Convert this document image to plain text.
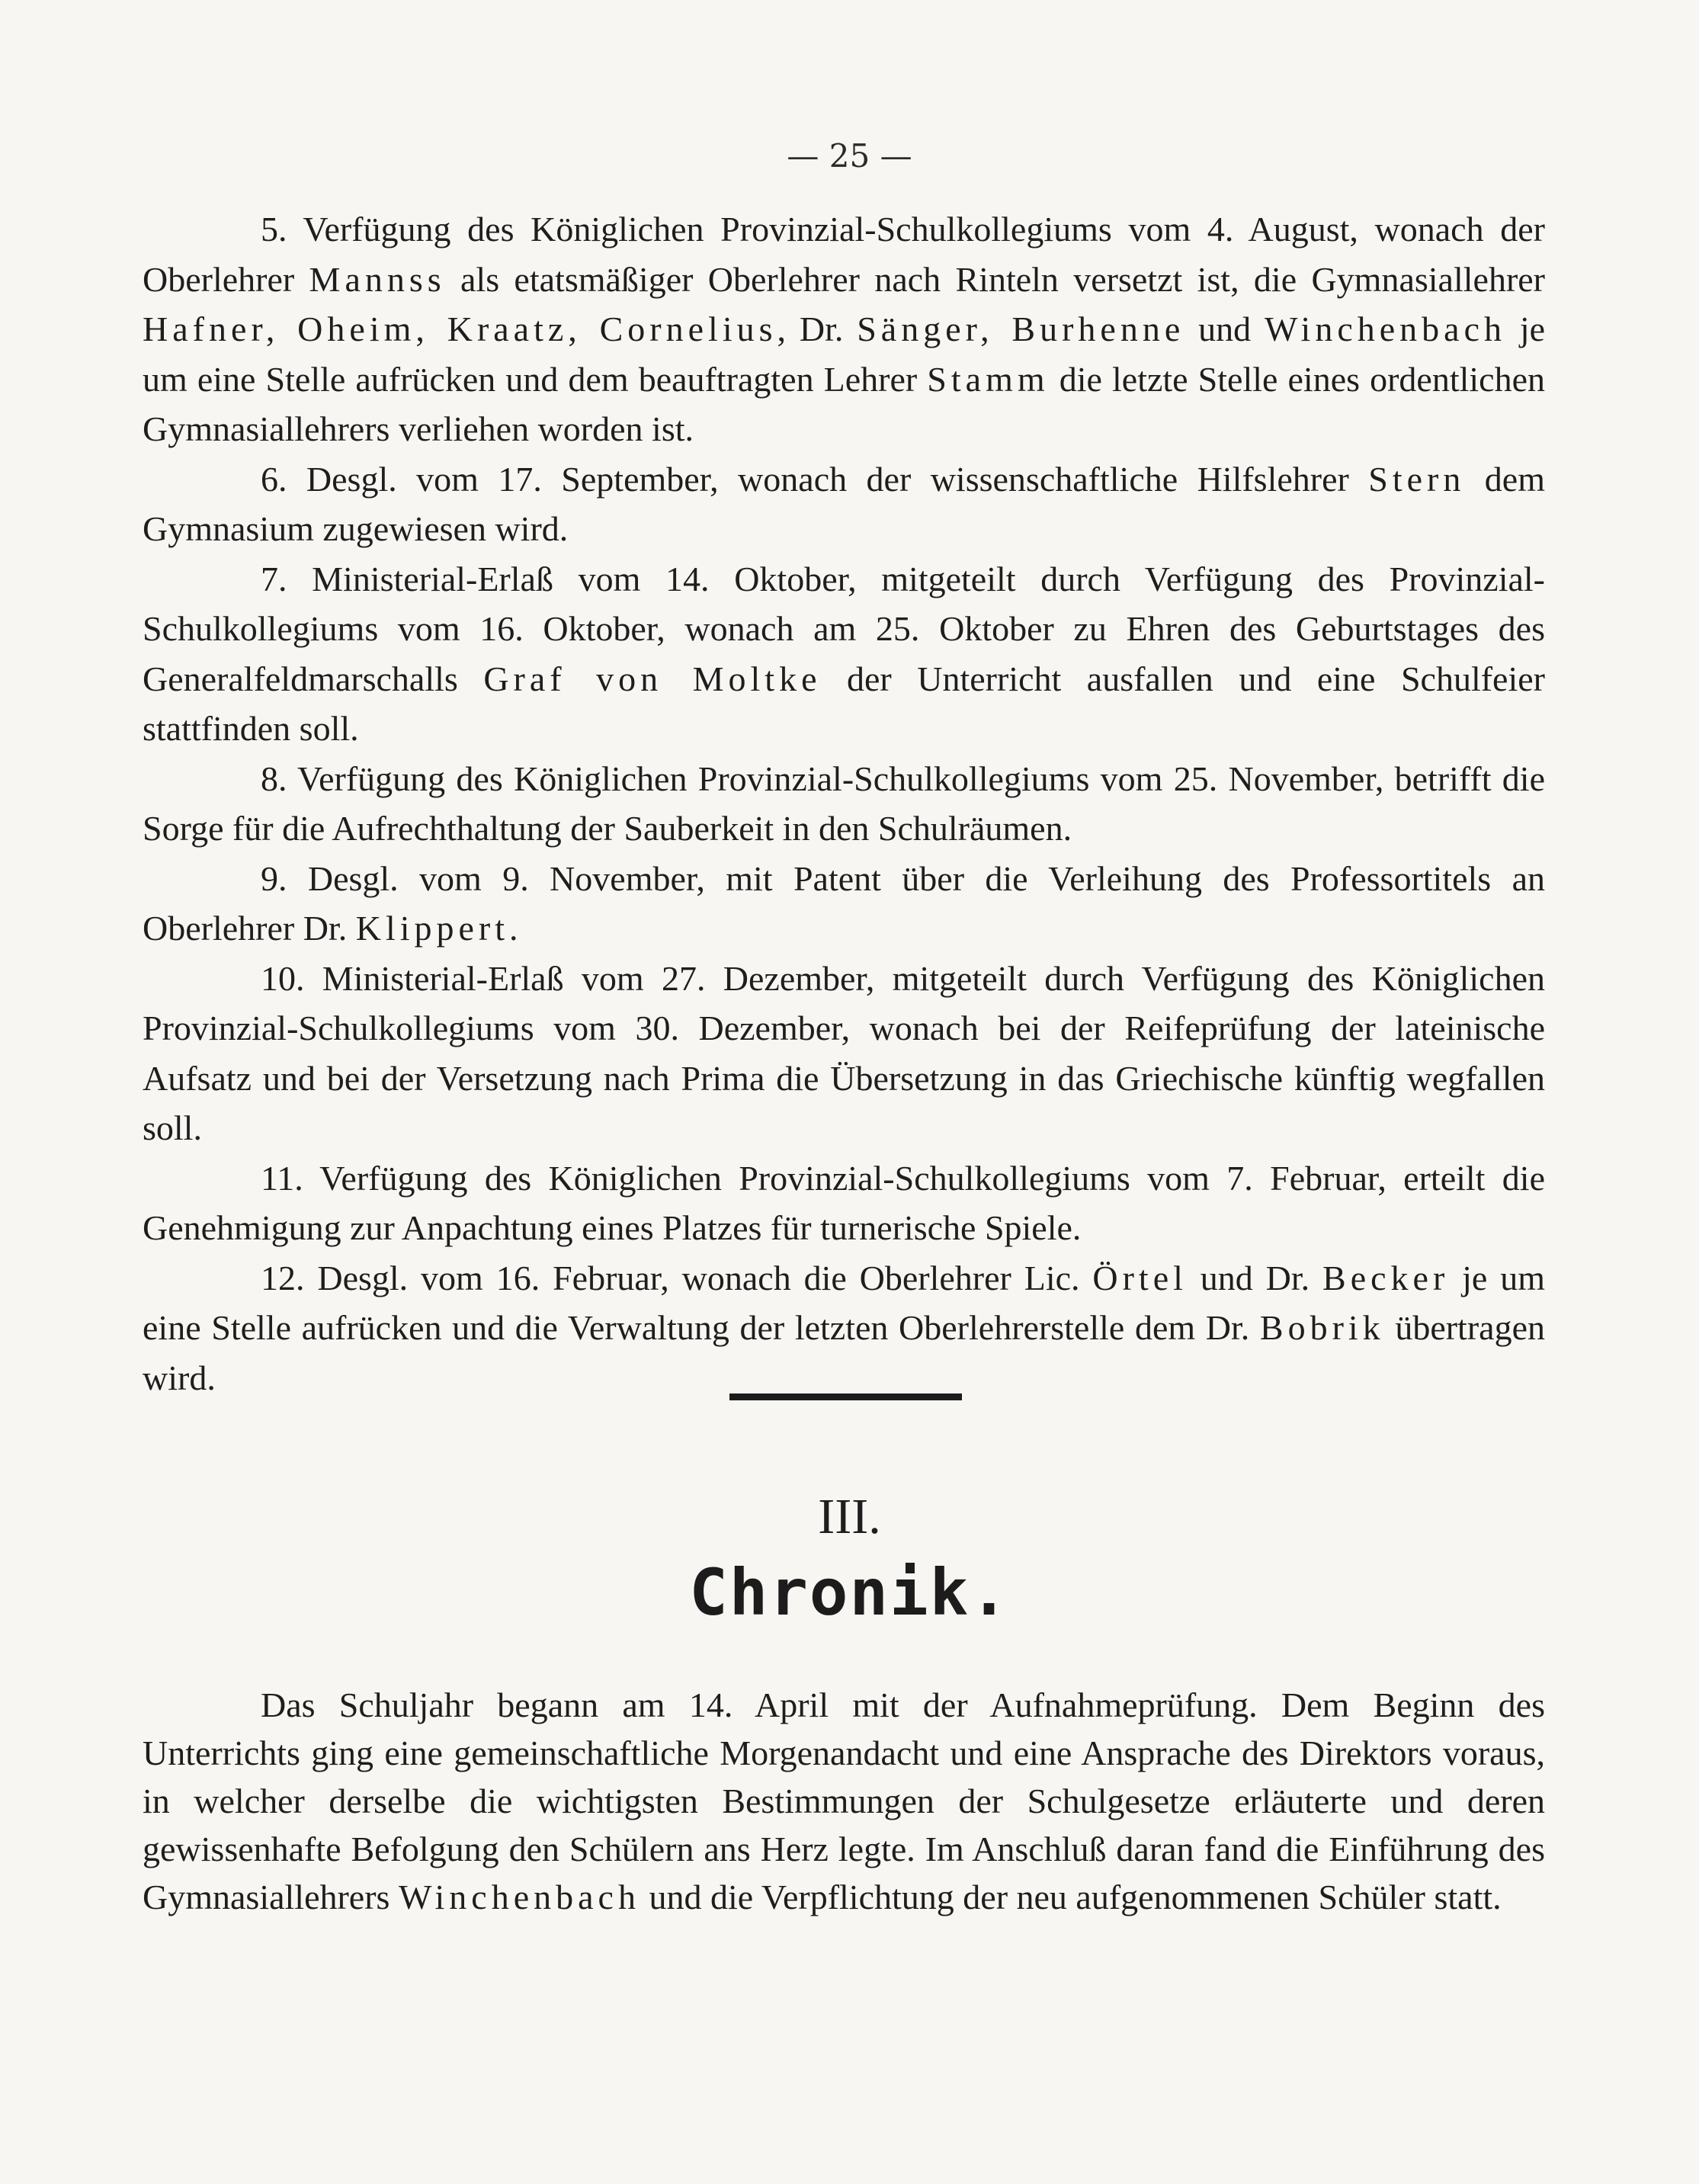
— 25 —

5. Verfügung des Königlichen Provinzial-Schulkollegiums vom 4. August, wonach der Oberlehrer Mannss als etatsmäßiger Oberlehrer nach Rinteln versetzt ist, die Gymnasiallehrer Hafner, Oheim, Kraatz, Cornelius, Dr. Sänger, Burhenne und Winchenbach je um eine Stelle aufrücken und dem beauftragten Lehrer Stamm die letzte Stelle eines ordentlichen Gymnasiallehrers verliehen worden ist.

6. Desgl. vom 17. September, wonach der wissenschaftliche Hilfslehrer Stern dem Gymnasium zugewiesen wird.

7. Ministerial-Erlaß vom 14. Oktober, mitgeteilt durch Verfügung des Provinzial-Schulkollegiums vom 16. Oktober, wonach am 25. Oktober zu Ehren des Geburtstages des Generalfeldmarschalls Graf von Moltke der Unterricht ausfallen und eine Schulfeier stattfinden soll.

8. Verfügung des Königlichen Provinzial-Schulkollegiums vom 25. November, betrifft die Sorge für die Aufrechthaltung der Sauberkeit in den Schulräumen.

9. Desgl. vom 9. November, mit Patent über die Verleihung des Professortitels an Oberlehrer Dr. Klippert.

10. Ministerial-Erlaß vom 27. Dezember, mitgeteilt durch Verfügung des Königlichen Provinzial-Schulkollegiums vom 30. Dezember, wonach bei der Reifeprüfung der lateinische Aufsatz und bei der Versetzung nach Prima die Übersetzung in das Griechische künftig wegfallen soll.

11. Verfügung des Königlichen Provinzial-Schulkollegiums vom 7. Februar, erteilt die Genehmigung zur Anpachtung eines Platzes für turnerische Spiele.

12. Desgl. vom 16. Februar, wonach die Oberlehrer Lic. Örtel und Dr. Becker je um eine Stelle aufrücken und die Verwaltung der letzten Oberlehrerstelle dem Dr. Bobrik übertragen wird.

III.
Chronik.

Das Schuljahr begann am 14. April mit der Aufnahmeprüfung. Dem Beginn des Unterrichts ging eine gemeinschaftliche Morgenandacht und eine Ansprache des Direktors voraus, in welcher derselbe die wichtigsten Bestimmungen der Schulgesetze erläuterte und deren gewissenhafte Befolgung den Schülern ans Herz legte. Im Anschluß daran fand die Einführung des Gymnasiallehrers Winchenbach und die Verpflichtung der neu aufgenommenen Schüler statt.
